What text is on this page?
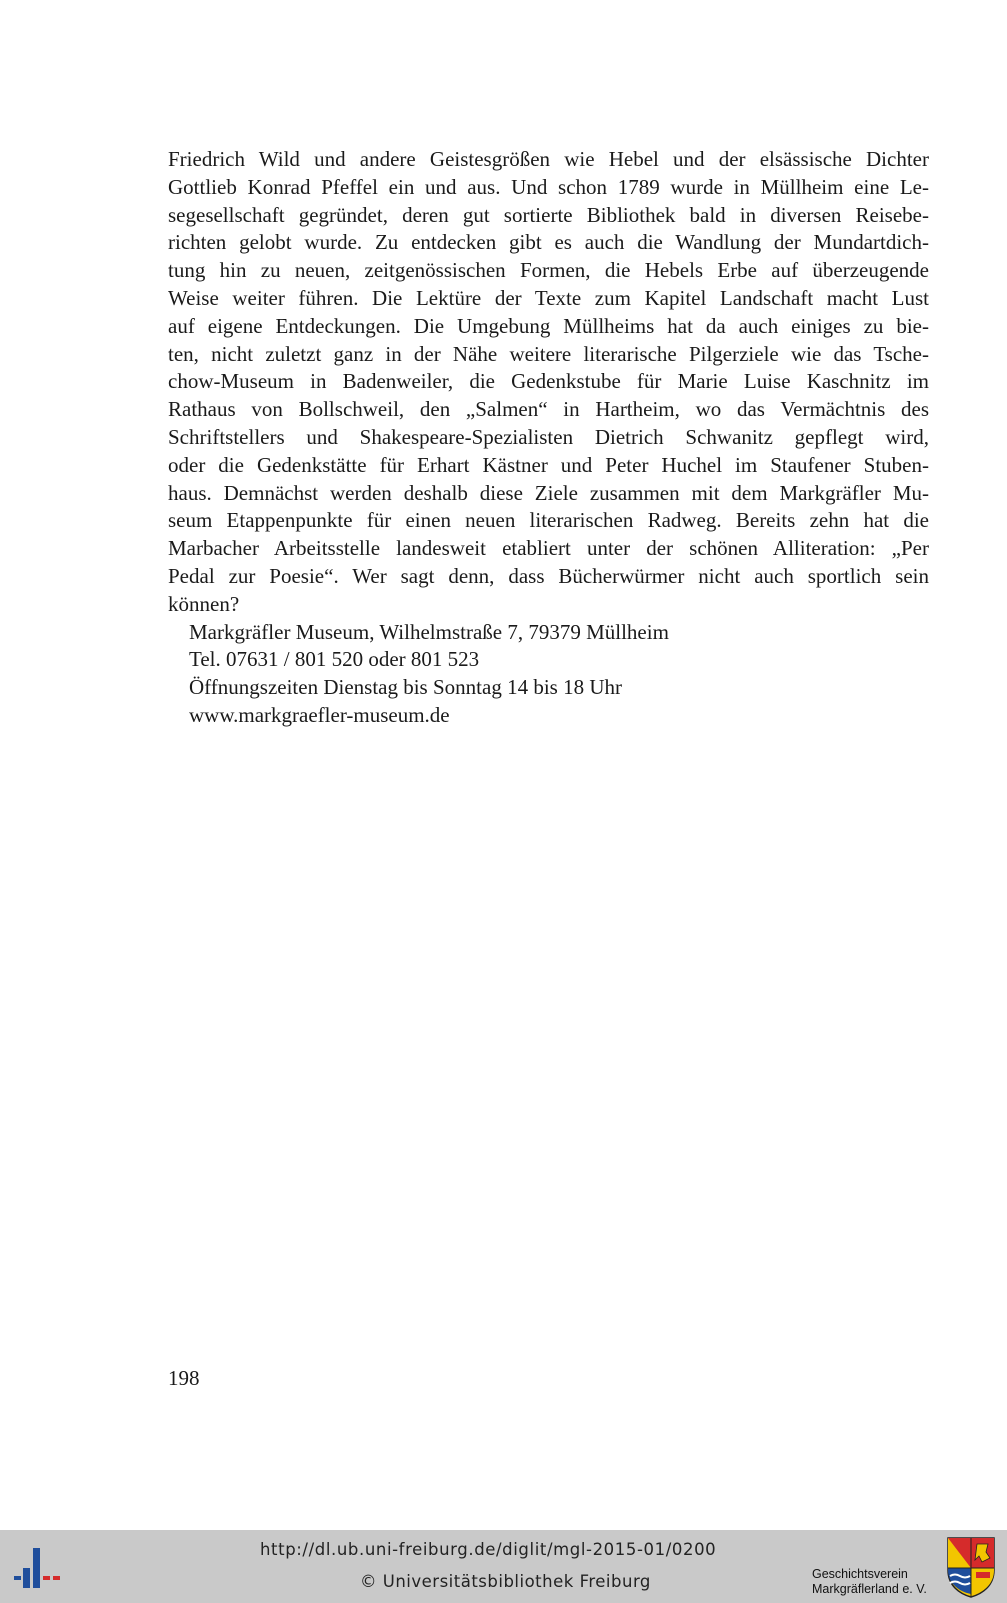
Friedrich Wild und andere Geistesgrößen wie Hebel und der elsässische Dichter
Gottlieb Konrad Pfeffel ein und aus. Und schon 1789 wurde in Müllheim eine Le-
segesellschaft gegründet, deren gut sortierte Bibliothek bald in diversen Reisebe-
richten gelobt wurde. Zu entdecken gibt es auch die Wandlung der Mundartdich-
tung hin zu neuen, zeitgenössischen Formen, die Hebels Erbe auf überzeugende
Weise weiter führen. Die Lektüre der Texte zum Kapitel Landschaft macht Lust
auf eigene Entdeckungen. Die Umgebung Müllheims hat da auch einiges zu bie-
ten, nicht zuletzt ganz in der Nähe weitere literarische Pilgerziele wie das Tsche-
chow-Museum in Badenweiler, die Gedenkstube für Marie Luise Kaschnitz im
Rathaus von Bollschweil, den „Salmen“ in Hartheim, wo das Vermächtnis des
Schriftstellers und Shakespeare-Spezialisten Dietrich Schwanitz gepflegt wird,
oder die Gedenkstätte für Erhart Kästner und Peter Huchel im Staufener Stuben-
haus. Demnächst werden deshalb diese Ziele zusammen mit dem Markgräfler Mu-
seum Etappenpunkte für einen neuen literarischen Radweg. Bereits zehn hat die
Marbacher Arbeitsstelle landesweit etabliert unter der schönen Alliteration: „Per
Pedal zur Poesie“. Wer sagt denn, dass Bücherwürmer nicht auch sportlich sein
können?
Markgräfler Museum, Wilhelmstraße 7, 79379 Müllheim
Tel. 07631 / 801 520 oder 801 523
Öffnungszeiten Dienstag bis Sonntag 14 bis 18 Uhr
www.markgraefler-museum.de
198
http://dl.ub.uni-freiburg.de/diglit/mgl-2015-01/0200
© Universitätsbibliothek Freiburg	Geschichtsverein
Markgräflerland e. V.
